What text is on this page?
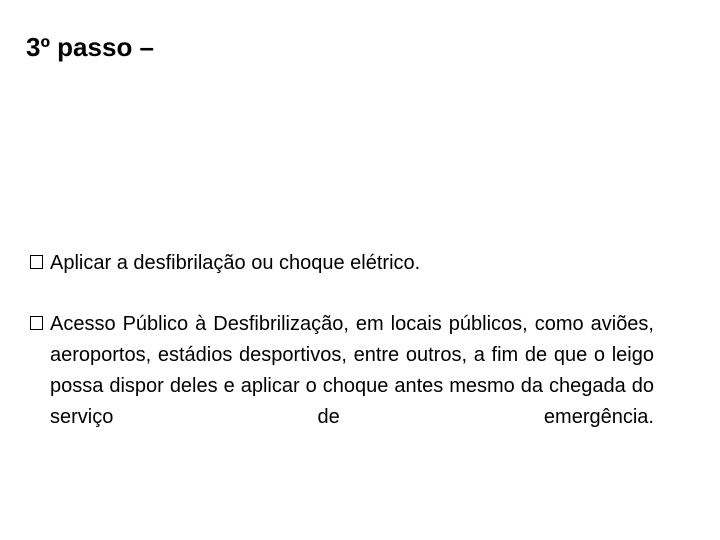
3º passo –
Aplicar a desfibrilação ou choque elétrico.
Acesso Público à Desfibrilização, em locais públicos, como aviões, aeroportos, estádios desportivos, entre outros, a fim de que o leigo possa dispor deles e aplicar o choque antes mesmo da chegada do serviço de emergência.
